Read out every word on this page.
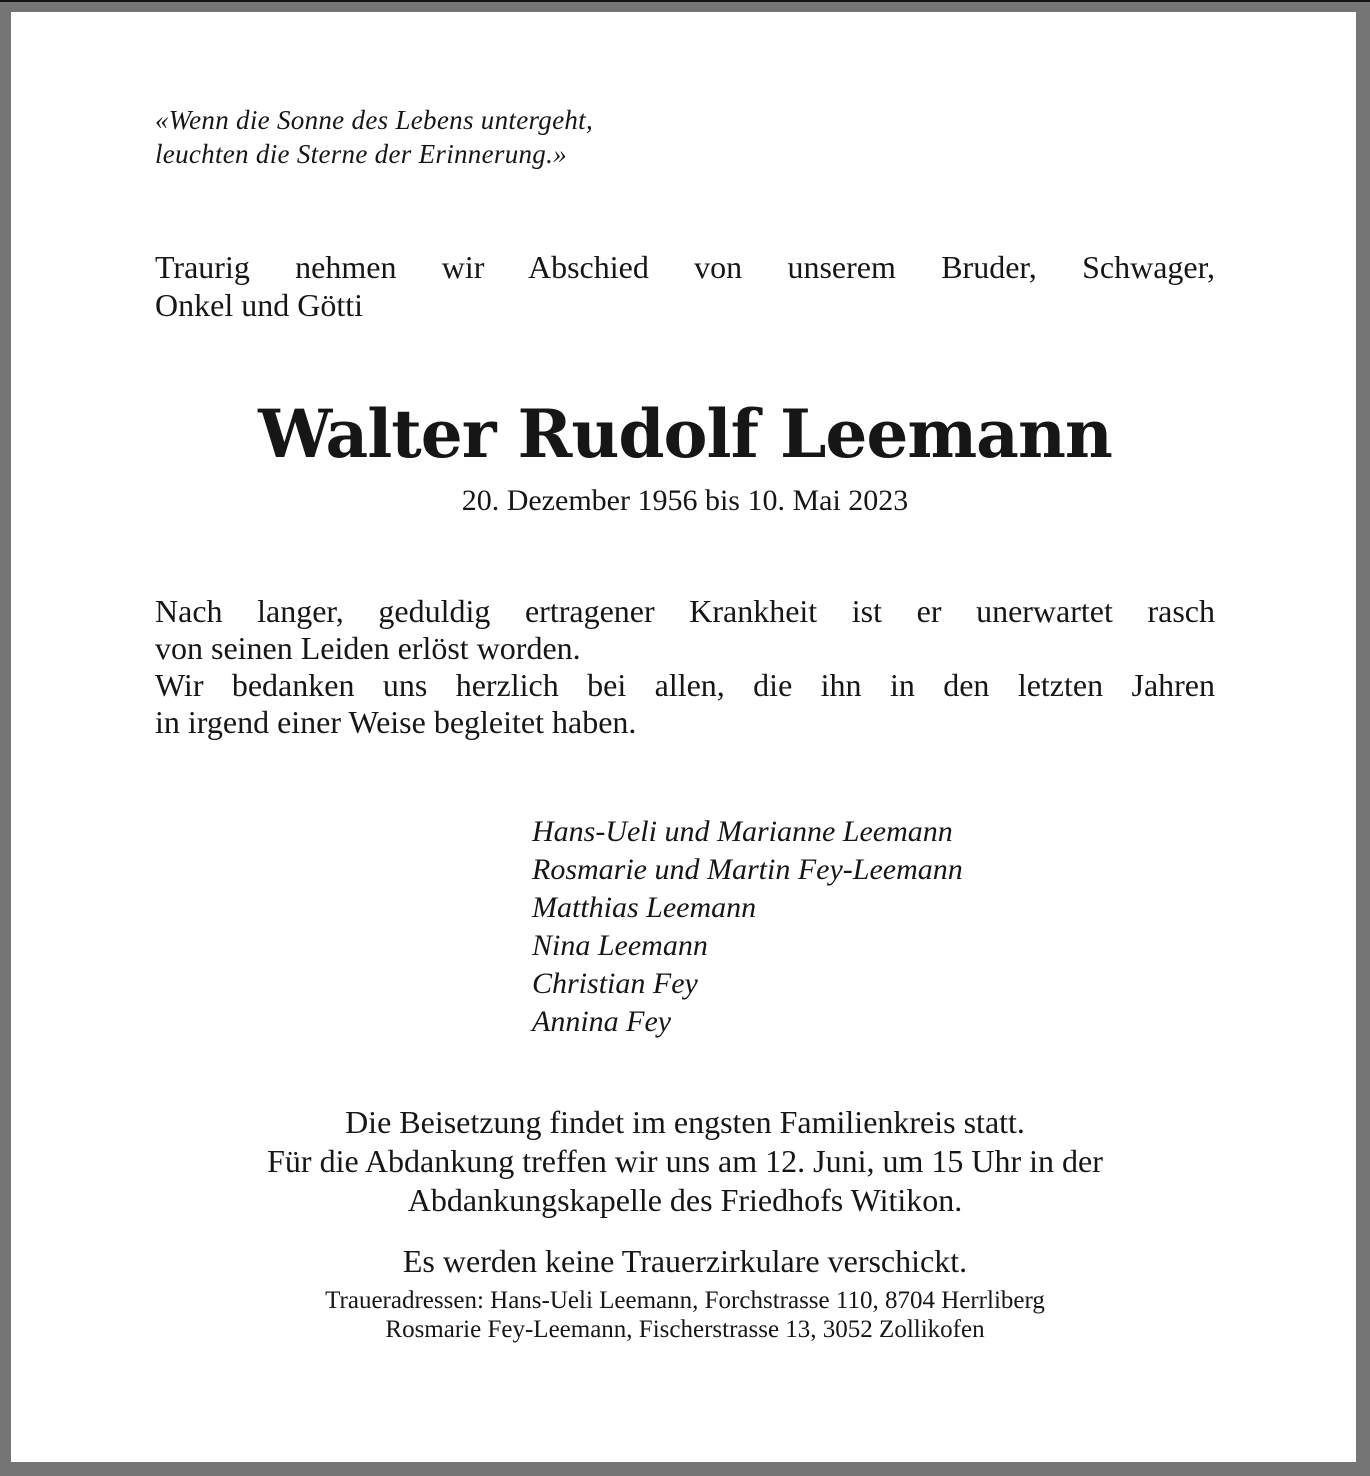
«Wenn die Sonne des Lebens untergeht,
leuchten die Sterne der Erinnerung.»
Traurig nehmen wir Abschied von unserem Bruder, Schwager,
Onkel und Götti
Walter Rudolf Leemann
20. Dezember 1956 bis 10. Mai 2023
Nach langer, geduldig ertragener Krankheit ist er unerwartet rasch
von seinen Leiden erlöst worden.
Wir bedanken uns herzlich bei allen, die ihn in den letzten Jahren
in irgend einer Weise begleitet haben.
Hans-Ueli und Marianne Leemann
Rosmarie und Martin Fey-Leemann
Matthias Leemann
Nina Leemann
Christian Fey
Annina Fey
Die Beisetzung findet im engsten Familienkreis statt.
Für die Abdankung treffen wir uns am 12. Juni, um 15 Uhr in der
Abdankungskapelle des Friedhofs Witikon.
Es werden keine Trauerzirkulare verschickt.
Traueradressen: Hans-Ueli Leemann, Forchstrasse 110, 8704 Herrliberg
Rosmarie Fey-Leemann, Fischerstrasse 13, 3052 Zollikofen
